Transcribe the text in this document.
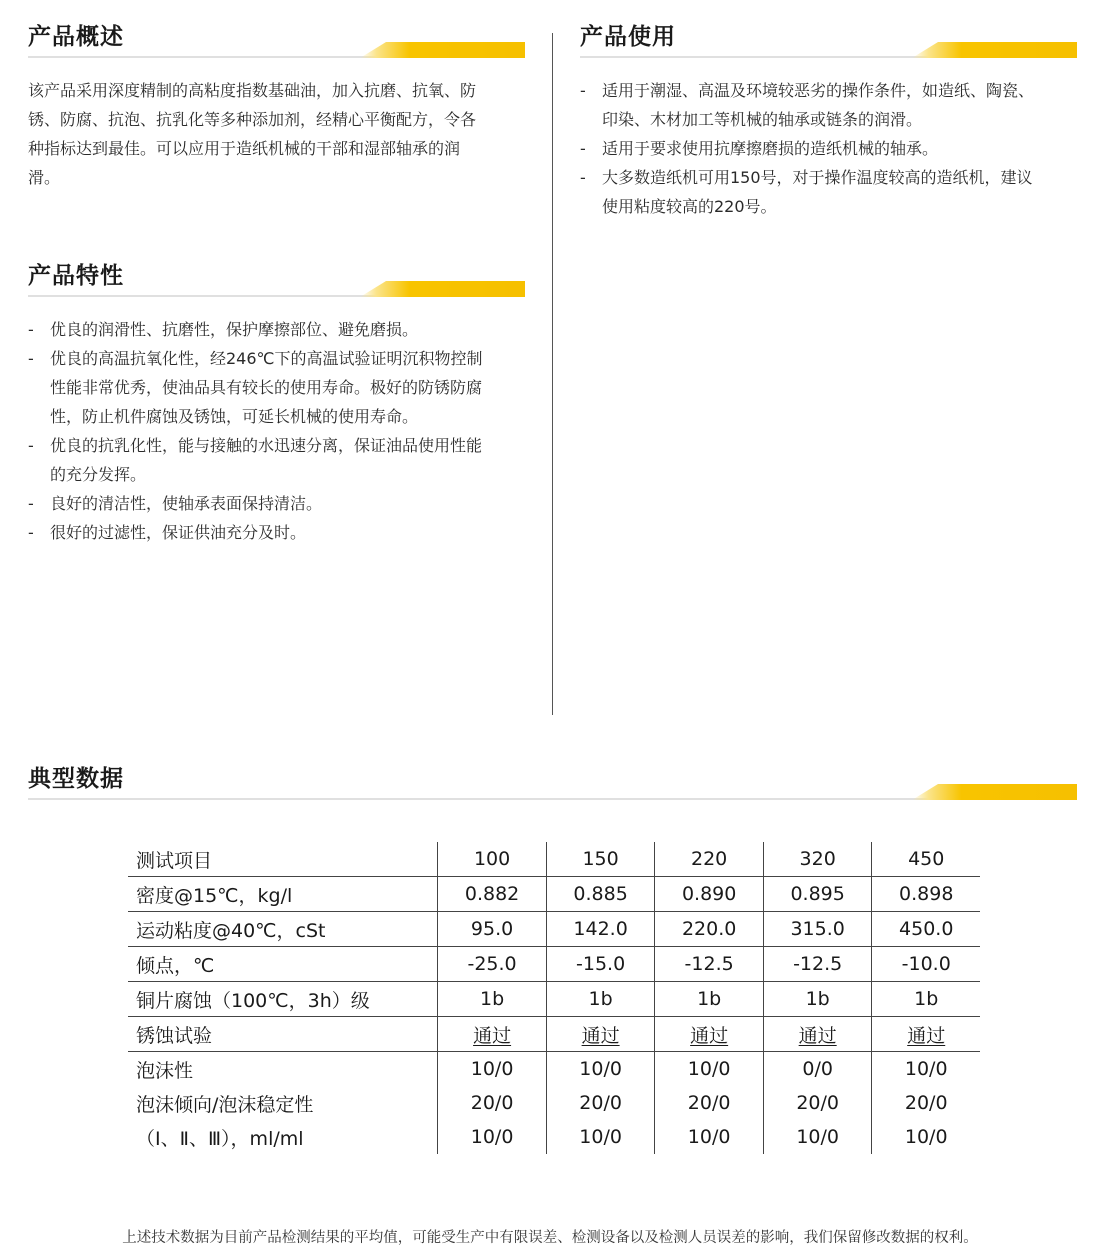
产品概述
该产品采用深度精制的高粘度指数基础油，加入抗磨、抗氧、防
锈、防腐、抗泡、抗乳化等多种添加剂，经精心平衡配方，令各
种指标达到最佳。可以应用于造纸机械的干部和湿部轴承的润
滑。
产品使用
- 适用于潮湿、高温及环境较恶劣的操作条件，如造纸、陶瓷、
印染、木材加工等机械的轴承或链条的润滑。
- 适用于要求使用抗摩擦磨损的造纸机械的轴承。
- 大多数造纸机可用150号，对于操作温度较高的造纸机，建议
使用粘度较高的220号。
产品特性
- 优良的润滑性、抗磨性，保护摩擦部位、避免磨损。
- 优良的高温抗氧化性，经246℃下的高温试验证明沉积物控制
性能非常优秀，使油品具有较长的使用寿命。极好的防锈防腐
性，防止机件腐蚀及锈蚀，可延长机械的使用寿命。
- 优良的抗乳化性，能与接触的水迅速分离，保证油品使用性能
的充分发挥。
- 良好的清洁性，使轴承表面保持清洁。
- 很好的过滤性，保证供油充分及时。
典型数据
测试项目	100	150	220	320	450
密度@15℃，kg/l	0.882	0.885	0.890	0.895	0.898
运动粘度@40℃，cSt	95.0	142.0	220.0	315.0	450.0
倾点，℃	-25.0	-15.0	-12.5	-12.5	-10.0
铜片腐蚀（100℃，3h）级	1b	1b	1b	1b	1b
锈蚀试验	通过	通过	通过	通过	通过
泡沫性	10/0	10/0	10/0	0/0	10/0
泡沫倾向/泡沫稳定性	20/0	20/0	20/0	20/0	20/0
（Ⅰ、Ⅱ、Ⅲ），ml/ml	10/0	10/0	10/0	10/0	10/0
上述技术数据为目前产品检测结果的平均值，可能受生产中有限误差、检测设备以及检测人员误差的影响，我们保留修改数据的权利。
